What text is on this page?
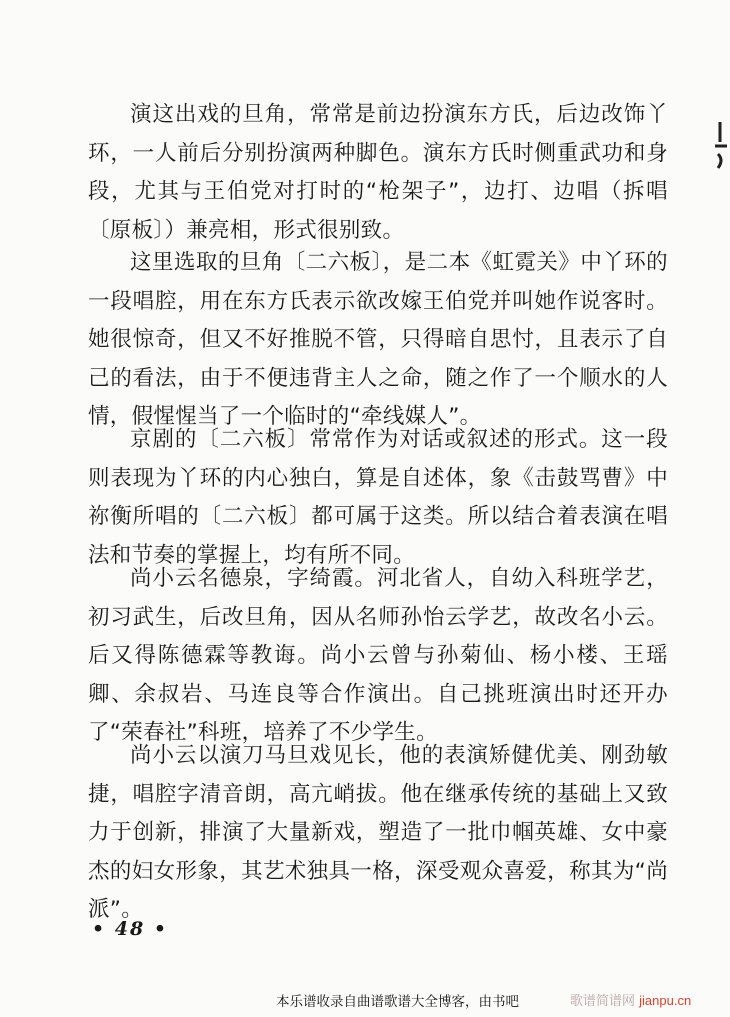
演这出戏的旦角，常常是前边扮演东方氏，后边改饰丫环，一人前后分别扮演两种脚色。演东方氏时侧重武功和身段，尤其与王伯党对打时的“枪架子”，边打、边唱（拆唱〔原板〕）兼亮相，形式很别致。

这里选取的旦角〔二六板〕，是二本《虹霓关》中丫环的一段唱腔，用在东方氏表示欲改嫁王伯党并叫她作说客时。她很惊奇，但又不好推脱不管，只得暗自思忖，且表示了自己的看法，由于不便违背主人之命，随之作了一个顺水的人情，假惺惺当了一个临时的“牵线媒人”。

京剧的〔二六板〕常常作为对话或叙述的形式。这一段则表现为丫环的内心独白，算是自述体，象《击鼓骂曹》中祢衡所唱的〔二六板〕都可属于这类。所以结合着表演在唱法和节奏的掌握上，均有所不同。

尚小云名德泉，字绮霞。河北省人，自幼入科班学艺，初习武生，后改旦角，因从名师孙怡云学艺，故改名小云。后又得陈德霖等教诲。尚小云曾与孙菊仙、杨小楼、王瑶卿、余叔岩、马连良等合作演出。自己挑班演出时还开办了“荣春社”科班，培养了不少学生。

尚小云以演刀马旦戏见长，他的表演矫健优美、刚劲敏捷，唱腔字清音朗，高亢峭拔。他在继承传统的基础上又致力于创新，排演了大量新戏，塑造了一批巾帼英雄、女中豪杰的妇女形象，其艺术独具一格，深受观众喜爱，称其为“尚派”。

• 48 •
本乐谱收录自曲谱歌谱大全博客，由书吧	歌谱简谱网 jianpu.cn
